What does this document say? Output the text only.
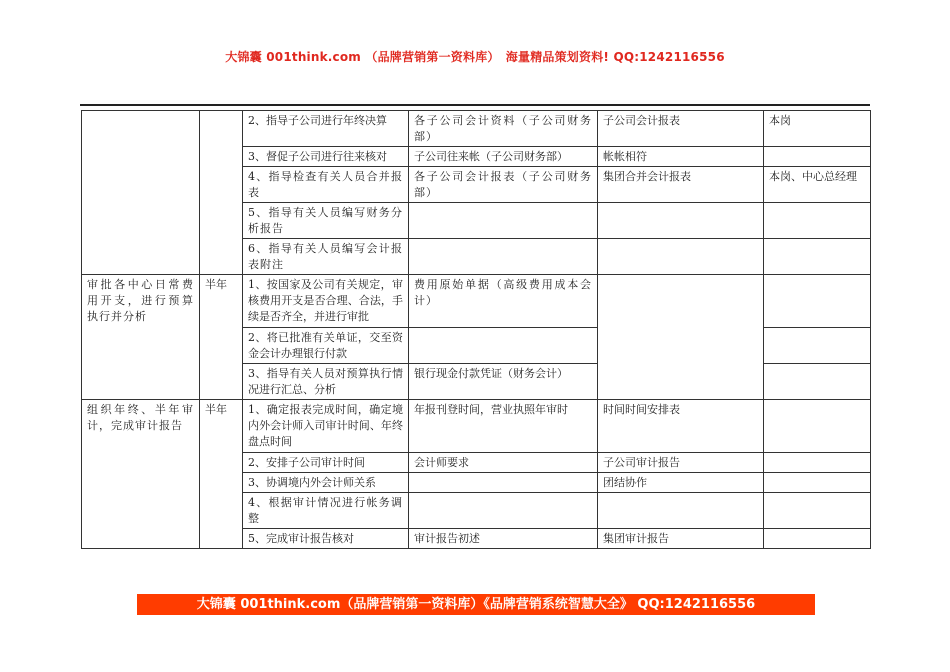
大锦囊 001think.com （品牌营销第一资料库）　海量精品策划资料! QQ:1242116556
		2、指导子公司进行年终决算	各子公司会计资料（子公司财务部）	子公司会计报表	本岗
		3、督促子公司进行往来核对	子公司往来帐（子公司财务部）	帐帐相符	
		4、指导检查有关人员合并报表	各子公司会计报表（子公司财务部）	集团合并会计报表	本岗、中心总经理
		5、指导有关人员编写财务分析报告			
		6、指导有关人员编写会计报表附注			
审批各中心日常费用开支，进行预算执行并分析	半年	1、按国家及公司有关规定，审核费用开支是否合理、合法，手续是否齐全，并进行审批	费用原始单据（高级费用成本会计）		
		2、将已批准有关单证，交至资金会计办理银行付款			
		3、指导有关人员对预算执行情况进行汇总、分析	银行现金付款凭证（财务会计）		
组织年终、半年审计，完成审计报告	半年	1、确定报表完成时间，确定境内外会计师入司审计时间、年终盘点时间	年报刊登时间，营业执照年审时	时间时间安排表	
		2、安排子公司审计时间	会计师要求	子公司审计报告	
		3、协调境内外会计师关系		团结协作	
		4、根据审计情况进行帐务调整			
		5、完成审计报告核对	审计报告初述	集团审计报告	
大锦囊 001think.com（品牌营销第一资料库）《品牌营销系统智慧大全》 QQ:1242116556
